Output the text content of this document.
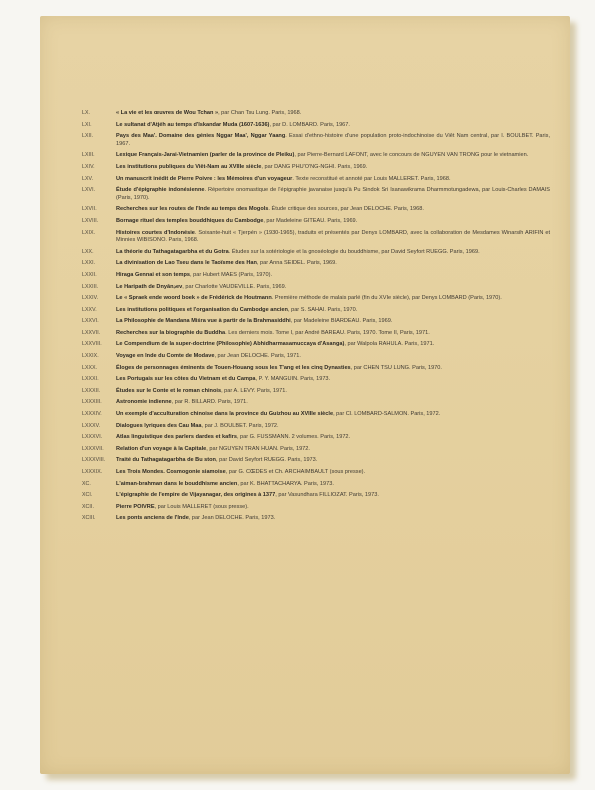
LX.	« La vie et les œuvres de Wou Tchan », par Chan Tsu Lung. Paris, 1968.
LXI.	Le sultanat d'Atjéh au temps d'Iskandar Muda (1607-1636), par D. LOMBARD. Paris, 1967.
LXII.	Pays des Maa'. Domaine des génies Nggar Maa', Nggar Yaang. Essai d'ethno-histoire d'une population proto-indochinoise du Viêt Nam central, par I. BOULBET. Paris, 1967.
LXIII.	Lexique Français-Jarai-Vietnamien (parler de la province de Pleiku), par Pierre-Bernard LAFONT, avec le concours de NGUYEN VAN TRONG pour le vietnamien.
LXIV.	Les institutions publiques du Viêt-Nam au XVIIIe siècle, par DANG PHU'O'NG-NGHI. Paris, 1969.
LXV.	Un manuscrit inédit de Pierre Poivre : les Mémoires d'un voyageur. Texte reconstitué et annoté par Louis MALLERET. Paris, 1968.
LXVI.	Étude d'épigraphie indonésienne. Répertoire onomastique de l'épigraphie javanaise jusqu'à Pu Sindok Sri Isanawikrama Dharmmotungadewa, par Louis-Charles DAMAIS (Paris, 1970).
LXVII.	Recherches sur les routes de l'Inde au temps des Mogols. Étude critique des sources, par Jean DELOCHE. Paris, 1968.
LXVIII.	Bornage rituel des temples bouddhiques du Cambodge, par Madeleine GITEAU. Paris, 1969.
LXIX.	Histoires courtes d'Indonésie. Soixante-huit « Tjerpén » (1930-1965), traduits et présentés par Denys LOMBARD, avec la collaboration de Mesdames Winarsih ARIFIN et Minnies WIBISONO. Paris, 1968.
LXX.	La théorie du Tathagatagarbha et du Gotra. Études sur la sotériologie et la gnoséologie du bouddhisme, par David Seyfort RUEGG. Paris, 1969.
LXXI.	La divinisation de Lao Tseu dans le Taoïsme des Han, par Anna SEIDEL. Paris, 1969.
LXXII.	Hiraga Gennai et son temps, par Hubert MAES (Paris, 1970).
LXXIII.	Le Haripath de Dnyânدev, par Charlotte VAUDEVILLE. Paris, 1969.
LXXIV.	Le « Spraek ende woord boek » de Frédérick de Houtmann. Première méthode de malais parlé (fin du XVIe siècle), par Denys LOMBARD (Paris, 1970).
LXXV.	Les institutions politiques et l'organisation du Cambodge ancien, par S. SAHAI. Paris, 1970.
LXXVI.	La Philosophie de Mandana Miśra vue à partir de la Brahmasiddhi, par Madeleine BIARDEAU. Paris, 1969.
LXXVII.	Recherches sur la biographie du Buddha. Les derniers mois. Tome I, par André BAREAU. Paris, 1970. Tome II, Paris, 1971.
LXXVIII.	Le Compendium de la super-doctrine (Philosophie) Abhidharmasamuccaya d'Asanga), par Walpola RAHULA. Paris, 1971.
LXXIX.	Voyage en Inde du Comte de Modave, par Jean DELOCHE. Paris, 1971.
LXXX.	Éloges de personnages éminents de Touen-Houang sous les T'ang et les cinq Dynasties, par CHEN TSU LUNG. Paris, 1970.
LXXXI.	Les Portugais sur les côtes du Vietnam et du Campa, P. Y. MANGUIN. Paris, 1973.
LXXXII.	Études sur le Conte et le roman chinois, par A. LEVY. Paris, 1971.
LXXXIII.	Astronomie indienne, par R. BILLARD. Paris, 1971.
LXXXIV.	Un exemple d'acculturation chinoise dans la province du Guizhou au XVIIIe siècle, par Cl. LOMBARD-SALMON. Paris, 1972.
LXXXV.	Dialogues lyriques des Cau Maa, par J. BOULBET. Paris, 1972.
LXXXVI.	Atlas linguistique des parlers dardes et kafirs, par G. FUSSMANN. 2 volumes. Paris, 1972.
LXXXVII.	Relation d'un voyage à la Capitale, par NGUYEN TRAN HUAN. Paris, 1972.
LXXXVIII.	Traité du Tathagatagarbha de Bu ston, par David Seyfort RUEGG. Paris, 1973.
LXXXIX.	Les Trois Mondes. Cosmogonie siamoise, par G. CŒDES et Ch. ARCHAIMBAULT (sous presse).
XC.	L'aiman-brahman dans le bouddhisme ancien, par K. BHATTACHARYA. Paris, 1973.
XCI.	L'épigraphie de l'empire de Vijayanagar, des origines à 1377, par Vasundhara FILLIOZAT. Paris, 1973.
XCII.	Pierre POIVRE, par Louis MALLERET (sous presse).
XCIII.	Les ponts anciens de l'Inde, par Jean DELOCHE. Paris, 1973.
